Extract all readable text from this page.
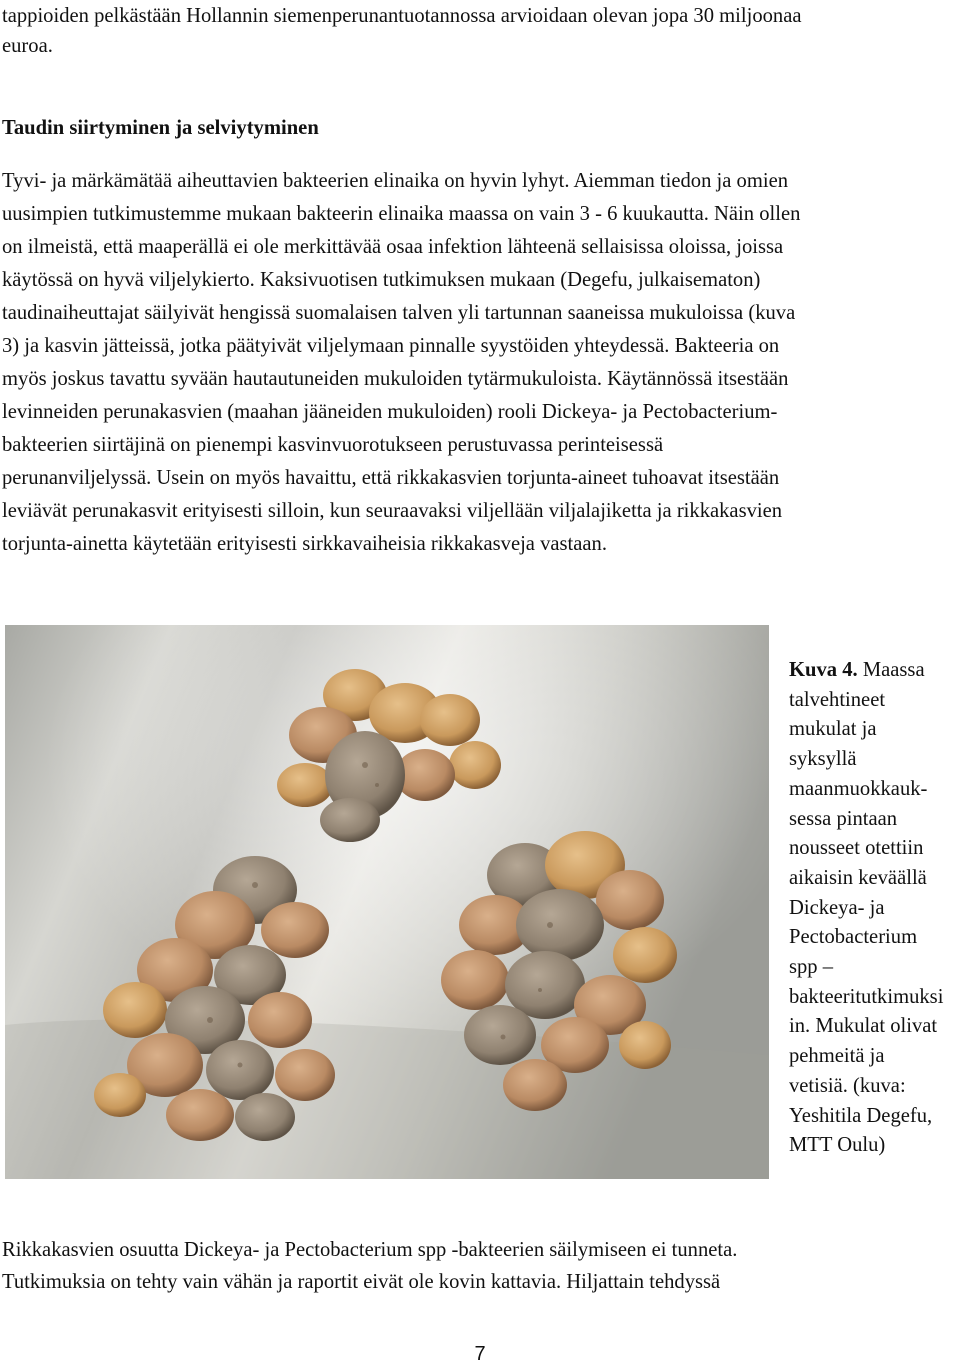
tappioiden pelkästään Hollannin siemenperunantuotannossa arvioidaan olevan jopa 30 miljoonaa
euroa.
Taudin siirtyminen ja selviytyminen
Tyvi- ja märkämätää aiheuttavien bakteerien elinaika on hyvin lyhyt. Aiemman tiedon ja omien
uusimpien tutkimustemme mukaan bakteerin elinaika maassa on vain 3 - 6 kuukautta. Näin ollen
on ilmeistä, että maaperällä ei ole merkittävää osaa infektion lähteenä sellaisissa oloissa, joissa
käytössä on hyvä viljelykierto. Kaksivuotisen tutkimuksen mukaan (Degefu, julkaisematon)
taudinaiheuttajat säilyivät hengissä suomalaisen talven yli tartunnan saaneissa mukuloissa (kuva
3) ja kasvin jätteissä, jotka päätyivät viljelymaan pinnalle syystöiden yhteydessä. Bakteeria on
myös joskus tavattu syvään hautautuneiden mukuloiden tytärmukuloista. Käytännössä itsestään
levinneiden perunakasvien (maahan jääneiden mukuloiden) rooli Dickeya- ja Pectobacterium-
bakteerien siirtäjinä on pienempi kasvinvuorotukseen perustuvassa perinteisessä
perunanviljelyssä. Usein on myös havaittu, että rikkakasvien torjunta-aineet tuhoavat itsestään
leviävät perunakasvit erityisesti silloin, kun seuraavaksi viljellään viljalajiketta ja rikkakasvien
torjunta-ainetta käytetään erityisesti sirkkavaiheisia rikkakasveja vastaan.
Kuva 4. Maassa
talvehtineet
mukulat ja
syksyllä
maanmuokkauk-
sessa pintaan
nousseet otettiin
aikaisin keväällä
Dickeya- ja
Pectobacterium
spp –
bakteeritutkimuksi
in. Mukulat olivat
pehmeitä ja
vetisiä. (kuva:
Yeshitila Degefu,
MTT Oulu)
Rikkakasvien osuutta Dickeya- ja Pectobacterium spp -bakteerien säilymiseen ei tunneta.
Tutkimuksia on tehty vain vähän ja raportit eivät ole kovin kattavia. Hiljattain tehdyssä
7
